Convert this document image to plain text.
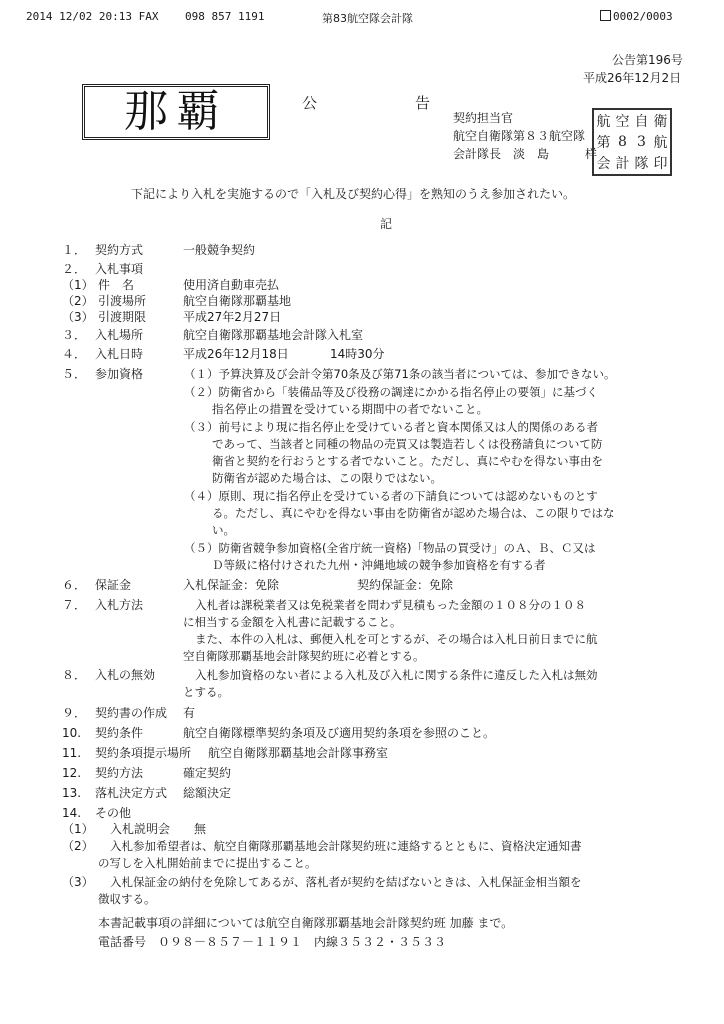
2014 12/02 20:13 FAX 098 857 1191	第83航空隊会計隊	0002/0003
公告第196号
平成26年12月2日
那覇	公	告
契約担当官
航空自衛隊第８３航空隊
会計隊長　淡　島　　　样
航 空 自 衛
第 8 3 航
会 計 隊 印
下記により入札を実施するので「入札及び契約心得」を熟知のうえ参加されたい。
記
１． 契約方式	一般競争契約
２． 入札事項
（1） 件　名	使用済自動車売払
（2） 引渡場所	航空自衛隊那覇基地
（3） 引渡期限	平成27年2月27日
３． 入札場所	航空自衛隊那覇基地会計隊入札室
４． 入札日時	平成26年12月18日	14時30分
５． 参加資格	（１）予算決算及び会計令第70条及び第71条の該当者については、参加できない。
（２）防衛省から「装備品等及び役務の調達にかかる指名停止の要領」に基づく
指名停止の措置を受けている期間中の者でないこと。
（３）前号により現に指名停止を受けている者と資本関係又は人的関係のある者
であって、当該者と同種の物品の売買又は製造若しくは役務請負について防
衛省と契約を行おうとする者でないこと。ただし、真にやむを得ない事由を
防衛省が認めた場合は、この限りではない。
（４）原則、現に指名停止を受けている者の下請負については認めないものとす
る。ただし、真にやむを得ない事由を防衛省が認めた場合は、この限りではな
い。
（５）防衛省競争参加資格(全省庁統一資格)「物品の買受け」のＡ、Ｂ、Ｃ又は
Ｄ等級に格付けされた九州・沖縄地域の競争参加資格を有する者
６． 保証金	入札保証金：免除	契約保証金：免除
７． 入札方法	入札者は課税業者又は免税業者を問わず見積もった金額の１０８分の１０８
に相当する金額を入札書に記載すること。
また、本件の入札は、郵便入札を可とするが、その場合は入札日前日までに航
空自衛隊那覇基地会計隊契約班に必着とする。
８． 入札の無効	入札参加資格のない者による入札及び入札に関する条件に違反した入札は無効
とする。
９． 契約書の作成 有
10. 契約条件	航空自衛隊標準契約条項及び適用契約条項を参照のこと。
11. 契約条項提示場所 航空自衛隊那覇基地会計隊事務室
12. 契約方法	確定契約
13. 落札決定方式 総額決定
14. その他
（1） 入札説明会　　無
（2） 入札参加希望者は、航空自衛隊那覇基地会計隊契約班に連絡するとともに、資格決定通知書
の写しを入札開始前までに提出すること。
（3） 入札保証金の納付を免除してあるが、落札者が契約を結ばないときは、入札保証金相当額を
徴収する。
本書記載事項の詳細については航空自衛隊那覇基地会計隊契約班 加藤 まで。
電話番号　０９８－８５７－１１９１　内線３５３２・３５３３
